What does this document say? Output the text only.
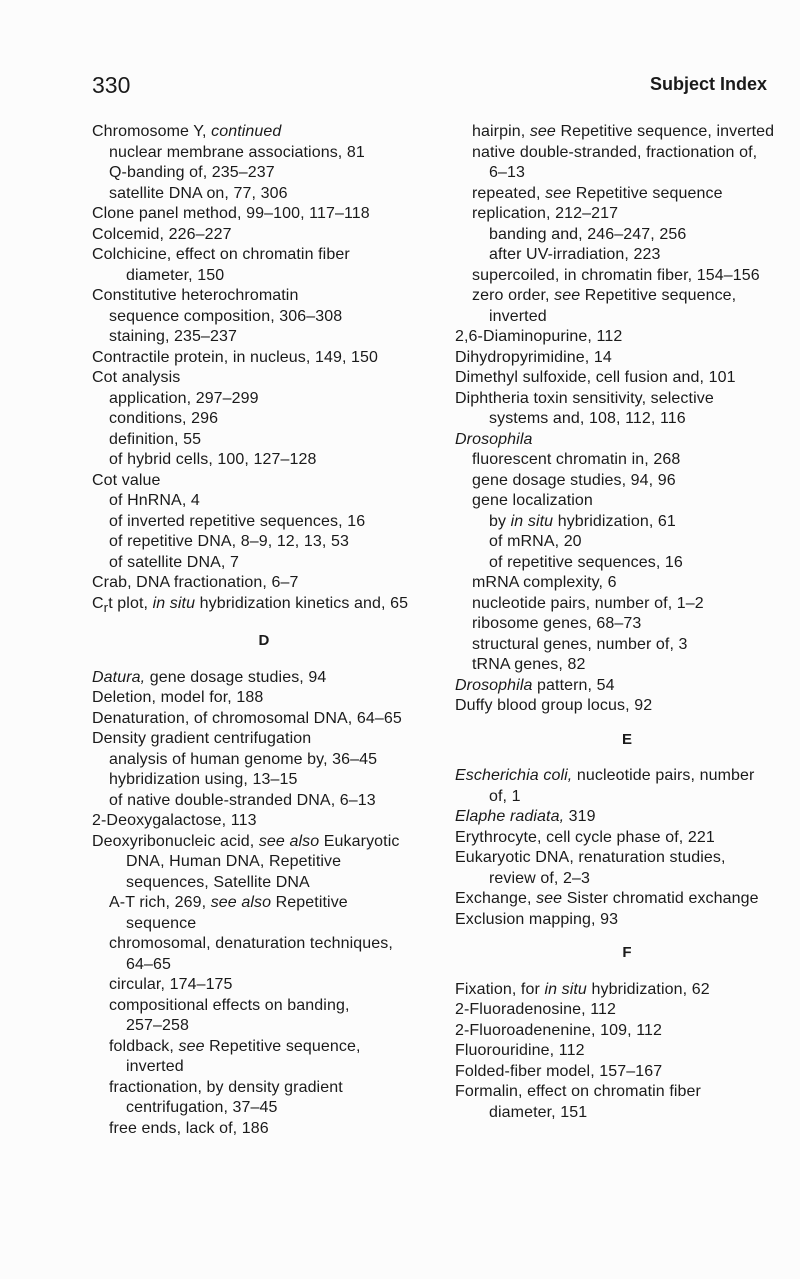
330	Subject Index
Chromosome Y, continued
nuclear membrane associations, 81
Q-banding of, 235–237
satellite DNA on, 77, 306
Clone panel method, 99–100, 117–118
Colcemid, 226–227
Colchicine, effect on chromatin fiber
diameter, 150
Constitutive heterochromatin
sequence composition, 306–308
staining, 235–237
Contractile protein, in nucleus, 149, 150
Cot analysis
application, 297–299
conditions, 296
definition, 55
of hybrid cells, 100, 127–128
Cot value
of HnRNA, 4
of inverted repetitive sequences, 16
of repetitive DNA, 8–9, 12, 13, 53
of satellite DNA, 7
Crab, DNA fractionation, 6–7
$C_rt$ plot, in situ hybridization kinetics and, 65
D
Datura, gene dosage studies, 94
Deletion, model for, 188
Denaturation, of chromosomal DNA, 64–65
Density gradient centrifugation
analysis of human genome by, 36–45
hybridization using, 13–15
of native double-stranded DNA, 6–13
2-Deoxygalactose, 113
Deoxyribonucleic acid, see also Eukaryotic
DNA, Human DNA, Repetitive
sequences, Satellite DNA
A-T rich, 269, see also Repetitive
sequence
chromosomal, denaturation techniques,
64–65
circular, 174–175
compositional effects on banding,
257–258
foldback, see Repetitive sequence,
inverted
fractionation, by density gradient
centrifugation, 37–45
free ends, lack of, 186
hairpin, see Repetitive sequence, inverted
native double-stranded, fractionation of,
6–13
repeated, see Repetitive sequence
replication, 212–217
banding and, 246–247, 256
after UV-irradiation, 223
supercoiled, in chromatin fiber, 154–156
zero order, see Repetitive sequence,
inverted
2,6-Diaminopurine, 112
Dihydropyrimidine, 14
Dimethyl sulfoxide, cell fusion and, 101
Diphtheria toxin sensitivity, selective
systems and, 108, 112, 116
Drosophila
fluorescent chromatin in, 268
gene dosage studies, 94, 96
gene localization
by in situ hybridization, 61
of mRNA, 20
of repetitive sequences, 16
mRNA complexity, 6
nucleotide pairs, number of, 1–2
ribosome genes, 68–73
structural genes, number of, 3
tRNA genes, 82
Drosophila pattern, 54
Duffy blood group locus, 92
E
Escherichia coli, nucleotide pairs, number
of, 1
Elaphe radiata, 319
Erythrocyte, cell cycle phase of, 221
Eukaryotic DNA, renaturation studies,
review of, 2–3
Exchange, see Sister chromatid exchange
Exclusion mapping, 93
F
Fixation, for in situ hybridization, 62
2-Fluoradenosine, 112
2-Fluoroadenenine, 109, 112
Fluorouridine, 112
Folded-fiber model, 157–167
Formalin, effect on chromatin fiber
diameter, 151
